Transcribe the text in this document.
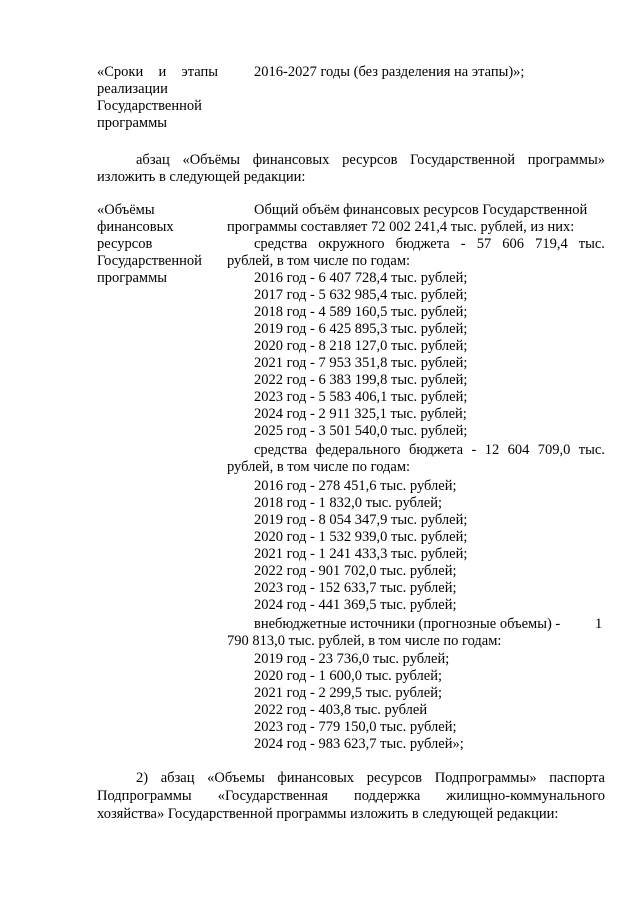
«Сроки и этапы
реализации
Государственной
программы
2016-2027 годы (без разделения на этапы)»;
абзац «Объёмы финансовых ресурсов Государственной программы»
изложить в следующей редакции:
«Объёмы
финансовых
ресурсов
Государственной
программы
Общий объём финансовых ресурсов Государственной
программы составляет 72 002 241,4 тыс. рублей, из них:
средства окружного бюджета - 57 606 719,4 тыс.
рублей, в том числе по годам:
2016 год - 6 407 728,4 тыс. рублей;
2017 год - 5 632 985,4 тыс. рублей;
2018 год - 4 589 160,5 тыс. рублей;
2019 год - 6 425 895,3 тыс. рублей;
2020 год - 8 218 127,0 тыс. рублей;
2021 год - 7 953 351,8 тыс. рублей;
2022 год - 6 383 199,8 тыс. рублей;
2023 год - 5 583 406,1 тыс. рублей;
2024 год - 2 911 325,1 тыс. рублей;
2025 год - 3 501 540,0 тыс. рублей;
средства федерального бюджета - 12 604 709,0 тыс.
рублей, в том числе по годам:
2016 год - 278 451,6 тыс. рублей;
2018 год - 1 832,0 тыс. рублей;
2019 год - 8 054 347,9 тыс. рублей;
2020 год - 1 532 939,0 тыс. рублей;
2021 год - 1 241 433,3 тыс. рублей;
2022 год - 901 702,0 тыс. рублей;
2023 год - 152 633,7 тыс. рублей;
2024 год - 441 369,5 тыс. рублей;
внебюджетные источники (прогнозные объемы) - 1
790 813,0 тыс. рублей, в том числе по годам:
2019 год - 23 736,0 тыс. рублей;
2020 год - 1 600,0 тыс. рублей;
2021 год - 2 299,5 тыс. рублей;
2022 год - 403,8 тыс. рублей
2023 год - 779 150,0 тыс. рублей;
2024 год - 983 623,7 тыс. рублей»;
2) абзац «Объемы финансовых ресурсов Подпрограммы» паспорта
Подпрограммы «Государственная поддержка жилищно-коммунального
хозяйства» Государственной программы изложить в следующей редакции:
